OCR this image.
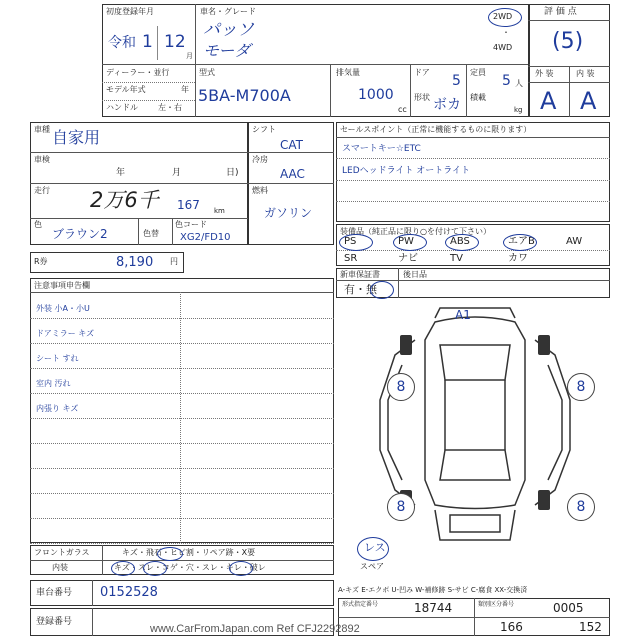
初度登録年月
令和 1 12
月
車名・グレード
パッソ
モーダ
2WD
・
4WD
ディーラー・並行
モデル年式	年
ハンドル	左・右
型式
5BA-M700A
排気量
1000
cc
ドア
5
形状 ボカ
定員
5 人
積載
kg
評 価 点
(5)
外 装	内 装
A A
車種 自家用
車検
年	月	日)
走行 2万6千 167 km
色
ブラウン2	色替
色コード
XG2/FD10
シフト
CAT
冷房
AAC
燃料
ガソリン
R券	8,190 円
セールスポイント（正常に機能するものに限ります）
スマートキー☆ETC
LEDヘッドライト オートライト
装備品（純正品に限り○を付けて下さい）
PS	PW	ABS	エアB	AW
SR	ナビ	TV	カワ
新車保証書	後日品
有・無
注意事項申告欄
外装 小A・小U
ドアミラー キズ
シート すれ
室内 汚れ
内張り キズ
フロントガラス	キズ・飛石・ヒビ割・リペア跡・X要
内装	キズ・スレ・コゲ・穴・スレ・キレ・破レ
A1
8	8
8	8
レス
スペア
A-キズ E-エクボ U-凹み W-補修跡 S-サビ C-腐食 XX-交換済
車台番号 0152528
登録番号
形式指定番号	類別区分番号
18744	0005
166	152
www.CarFromJapan.com Ref CFJ2292892
